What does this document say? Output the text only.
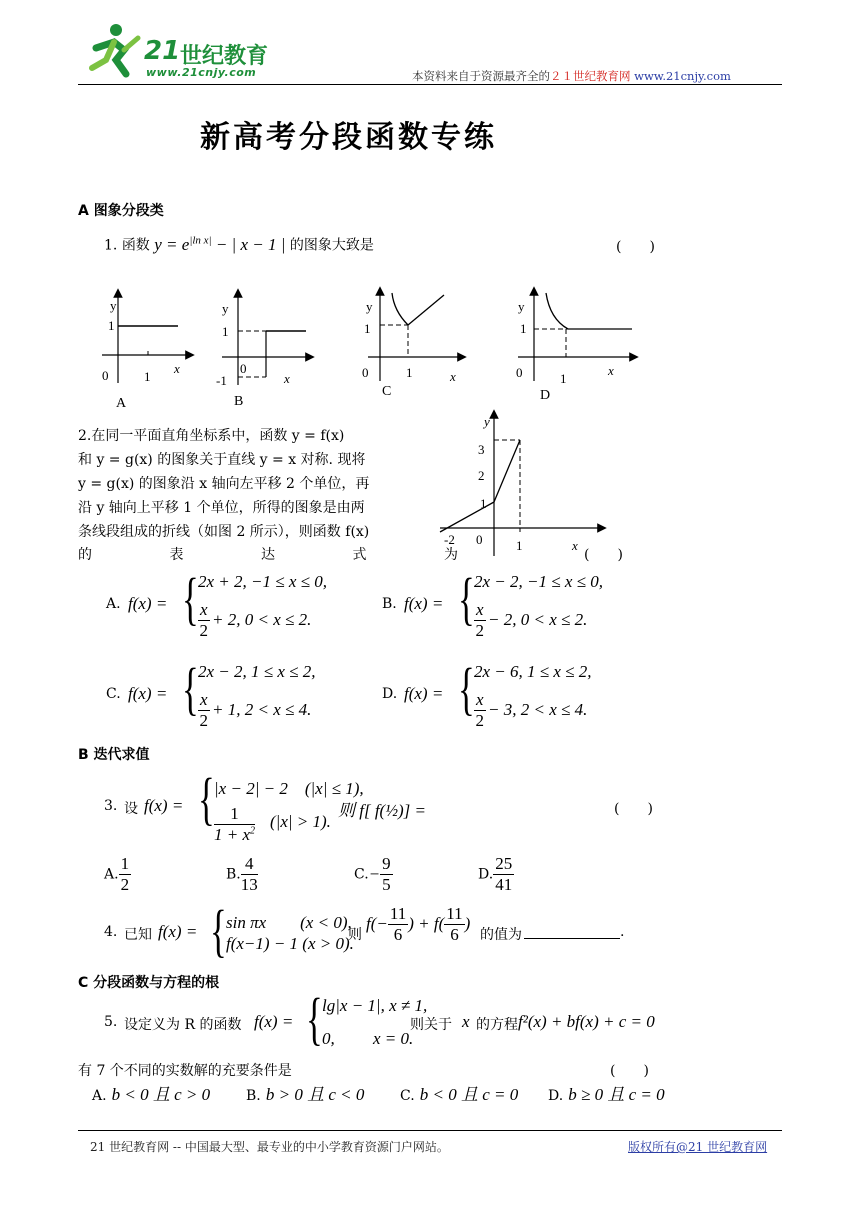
21 世纪教育
www.21cnjy.com	本资料来自于资源最齐全的２１世纪教育网 www.21cnjy.com
新高考分段函数专练
A 图象分段类
1. 函数 $y = e^{|ln x|}$ − | x − 1 | 的图象大致是	(　　)
y
1
0	1
x
A
y
1
0
-1	x
B
y
1
0	1	x
C
y
1
0	1
x
D
2.在同一平面直角坐标系中，函数 y = f(x)
和 y = g(x) 的图象关于直线 y = x 对称. 现将
y = g(x) 的图象沿 x 轴向左平移 2 个单位，再
沿 y 轴向上平移 1 个单位，所得的图象是由两
条线段组成的折线（如图 2 所示），则函数 f(x)
的	表	达	式	为	(　　)
y
3
2
1
0
-2	1	x
A. f(x) = { 2x + 2, −1 ≤ x ≤ 0,
$\frac{x}{2} + 2$, 0 < x ≤ 2.
B. f(x) = { 2x − 2, −1 ≤ x ≤ 0,
$\frac{x}{2} - 2$, 0 < x ≤ 2.
C. f(x) = { 2x − 2, 1 ≤ x ≤ 2,
$\frac{x}{2} + 1$, 2 < x ≤ 4.
D. f(x) = { 2x − 6, 1 ≤ x ≤ 2,
$\frac{x}{2} - 3$, 2 < x ≤ 4.
B 迭代求值
3. 设 f(x) = { |x − 2| − 2　(|x| ≤ 1),
$\frac{1}{1 + x^2} (|x| > 1)$.
则 f[ f(½)] =	(　　)
A. $\frac{1}{2}$	B. $\frac{4}{13}$	$C.- \frac{9}{5}$	D. $\frac{25}{41}$
4. 已知 f(x) = { sin πx　　(x < 0),
f(x−1) − 1 (x > 0).
则
$f(- \frac{11}{6}$ ) + $f( \frac{11}{6}$ )
的值为	.
C 分段函数与方程的根
5. 设定义为 R 的函数 f(x) = { lg|x − 1|, x ≠ 1,
0,　　 x = 0.
则关于 x 的方程 f²(x) + bf(x) + c = 0
有 7 个不同的实数解的充要条件是	(　　)
A. b < 0 且 c > 0	B. b > 0 且 c < 0	C. b < 0 且 c = 0 D. b ≥ 0 且 c = 0
21 世纪教育网 -- 中国最大型、最专业的中小学教育资源门户网站。	版权所有@21 世纪教育网
